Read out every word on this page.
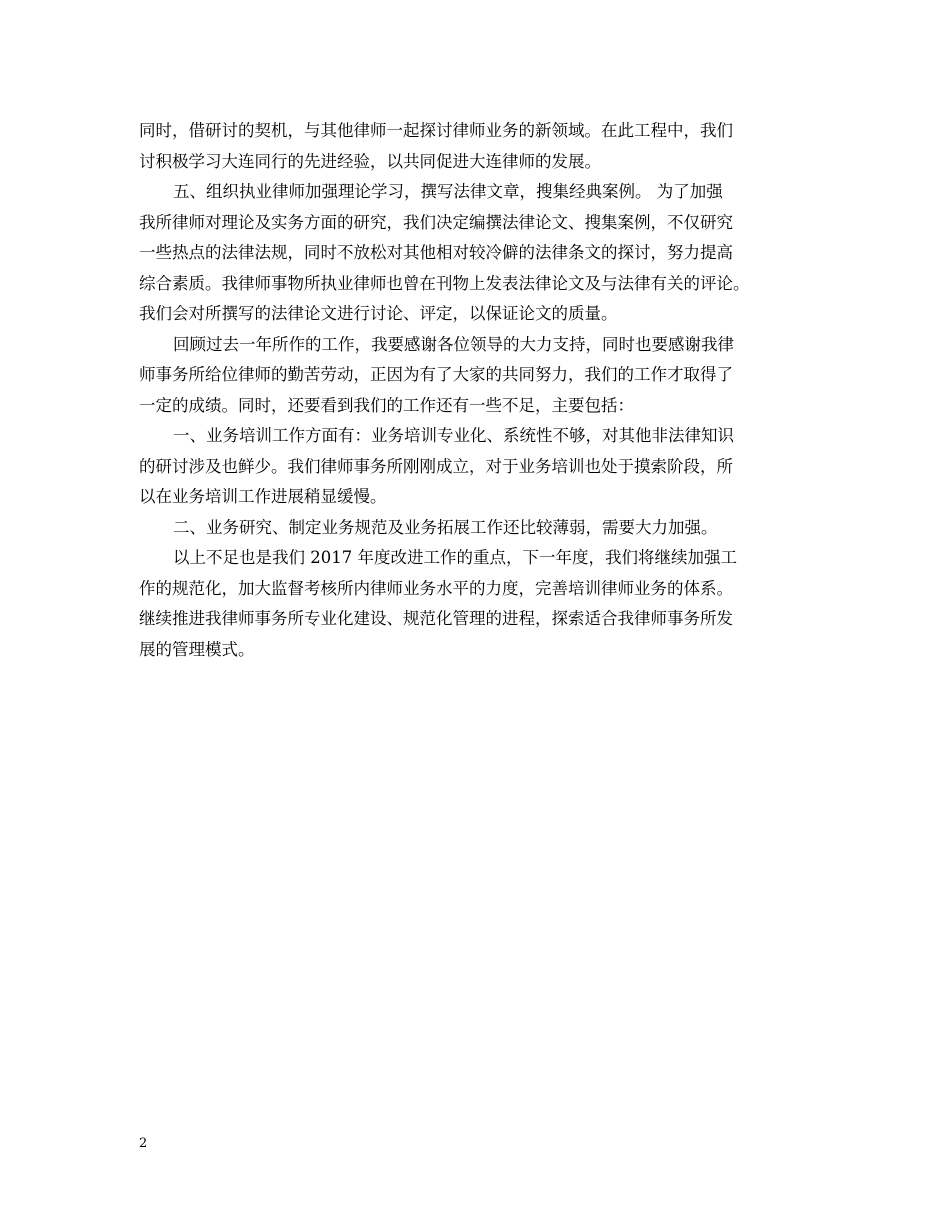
同时，借研讨的契机，与其他律师一起探讨律师业务的新领域。在此工程中，我们
讨积极学习大连同行的先进经验，以共同促进大连律师的发展。
五、组织执业律师加强理论学习，撰写法律文章，搜集经典案例。 为了加强
我所律师对理论及实务方面的研究，我们决定编撰法律论文、搜集案例，不仅研究
一些热点的法律法规，同时不放松对其他相对较冷僻的法律条文的探讨，努力提高
综合素质。我律师事物所执业律师也曾在刊物上发表法律论文及与法律有关的评论。
我们会对所撰写的法律论文进行讨论、评定，以保证论文的质量。
回顾过去一年所作的工作，我要感谢各位领导的大力支持，同时也要感谢我律
师事务所给位律师的勤苦劳动，正因为有了大家的共同努力，我们的工作才取得了
一定的成绩。同时，还要看到我们的工作还有一些不足，主要包括：
一、业务培训工作方面有：业务培训专业化、系统性不够，对其他非法律知识
的研讨涉及也鲜少。我们律师事务所刚刚成立，对于业务培训也处于摸索阶段，所
以在业务培训工作进展稍显缓慢。
二、业务研究、制定业务规范及业务拓展工作还比较薄弱，需要大力加强。
以上不足也是我们 2017 年度改进工作的重点，下一年度，我们将继续加强工
作的规范化，加大监督考核所内律师业务水平的力度，完善培训律师业务的体系。
继续推进我律师事务所专业化建设、规范化管理的进程，探索适合我律师事务所发
展的管理模式。
2
